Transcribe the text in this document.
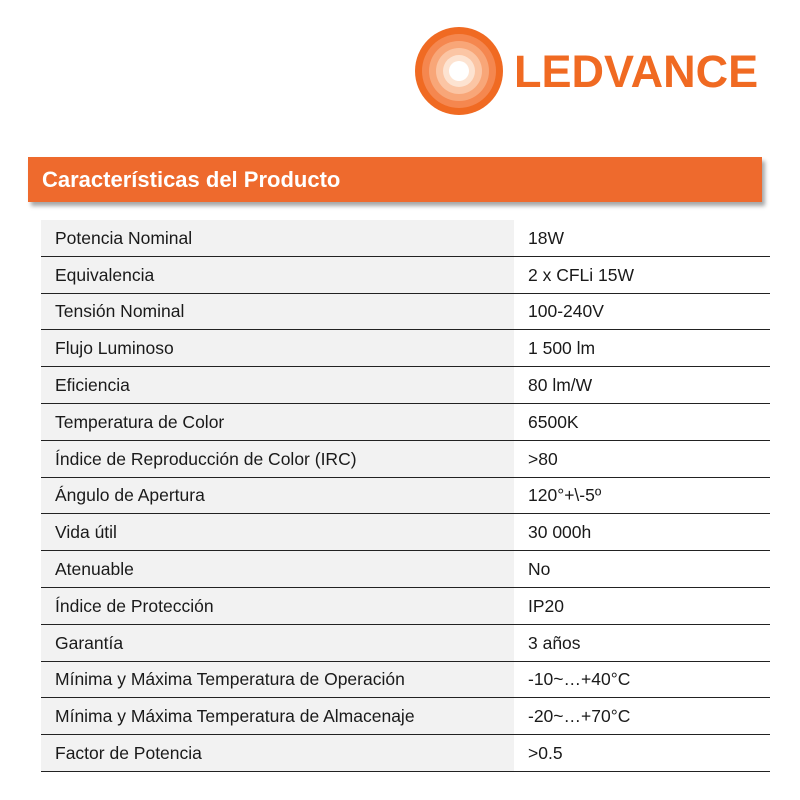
LEDVANCE
Características del Producto
Potencia Nominal	18W
Equivalencia	2 x CFLi 15W
Tensión Nominal	100-240V
Flujo Luminoso	1 500 lm
Eficiencia	80 lm/W
Temperatura de Color	6500K
Índice de Reproducción de Color (IRC)	>80
Ángulo de Apertura	120°+\-5º
Vida útil	30 000h
Atenuable	No
Índice de Protección	IP20
Garantía	3 años
Mínima y Máxima Temperatura de Operación	-10~…+40°C
Mínima y Máxima Temperatura de Almacenaje	-20~…+70°C
Factor de Potencia	>0.5
